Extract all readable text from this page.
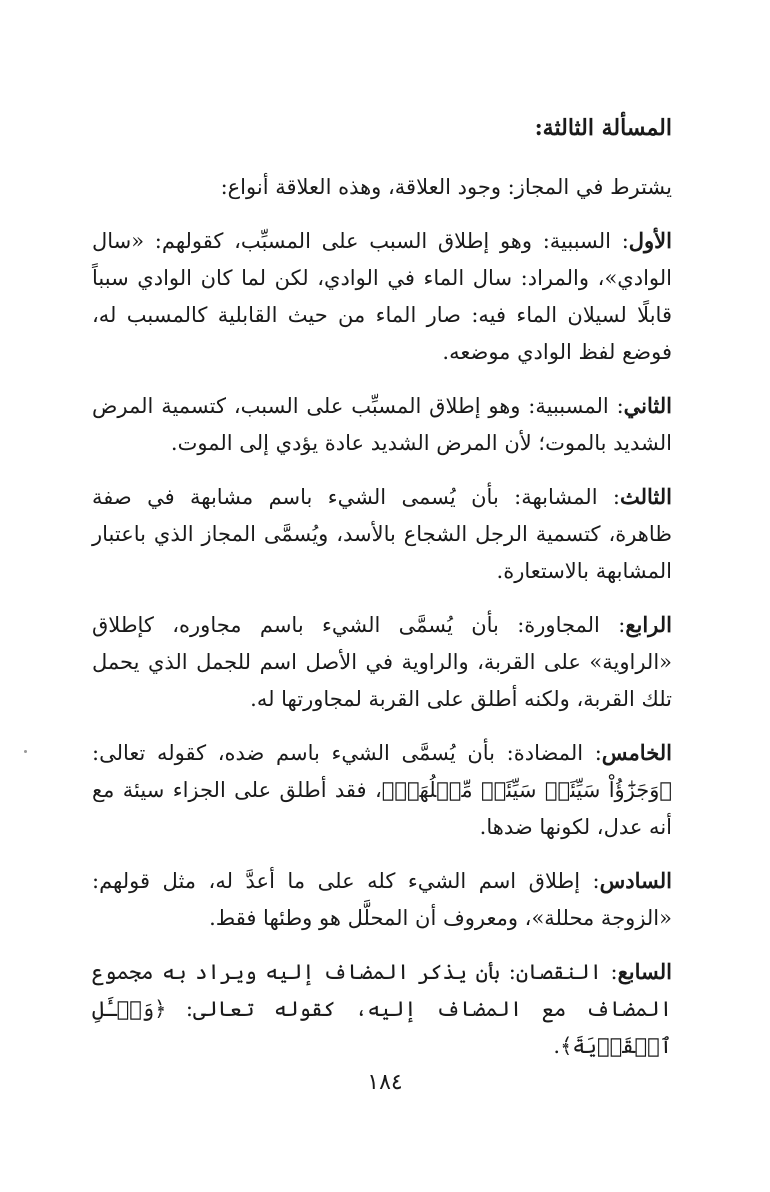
المسألة الثالثة:
يشترط في المجاز: وجود العلاقة، وهذه العلاقة أنواع:
الأول: السببية: وهو إطلاق السبب على المسبِّب، كقولهم: «سال الوادي»، والمراد: سال الماء في الوادي، لكن لما كان الوادي سبباً قابلًا لسيلان الماء فيه: صار الماء من حيث القابلية كالمسبب له، فوضع لفظ الوادي موضعه.
الثاني: المسببية: وهو إطلاق المسبِّب على السبب، كتسمية المرض الشديد بالموت؛ لأن المرض الشديد عادة يؤدي إلى الموت.
الثالث: المشابهة: بأن يُسمى الشيء باسم مشابهة في صفة ظاهرة، كتسمية الرجل الشجاع بالأسد، ويُسمَّى المجاز الذي باعتبار المشابهة بالاستعارة.
الرابع: المجاورة: بأن يُسمَّى الشيء باسم مجاوره، كإطلاق «الراوية» على القربة، والراوية في الأصل اسم للجمل الذي يحمل تلك القربة، ولكنه أطلق على القربة لمجاورتها له.
الخامس: المضادة: بأن يُسمَّى الشيء باسم ضده، كقوله تعالى: ﴿وَجَزَٰٓؤُاْ سَيِّئَةٖ سَيِّئَةٞ مِّثۡلُهَاۖ﴾، فقد أطلق على الجزاء سيئة مع أنه عدل، لكونها ضدها.
السادس: إطلاق اسم الشيء كله على ما أعدَّ له، مثل قولهم: «الزوجة محللة»، ومعروف أن المحلَّل هو وطئها فقط.
السابع: النقصان: بأن يذكر المضاف إليه ويراد به مجموع المضاف مع المضاف إليه، كقوله تعالى: ﴿وَسۡـَٔلِ ٱلۡقَرۡيَةَ﴾.
١٨٤
